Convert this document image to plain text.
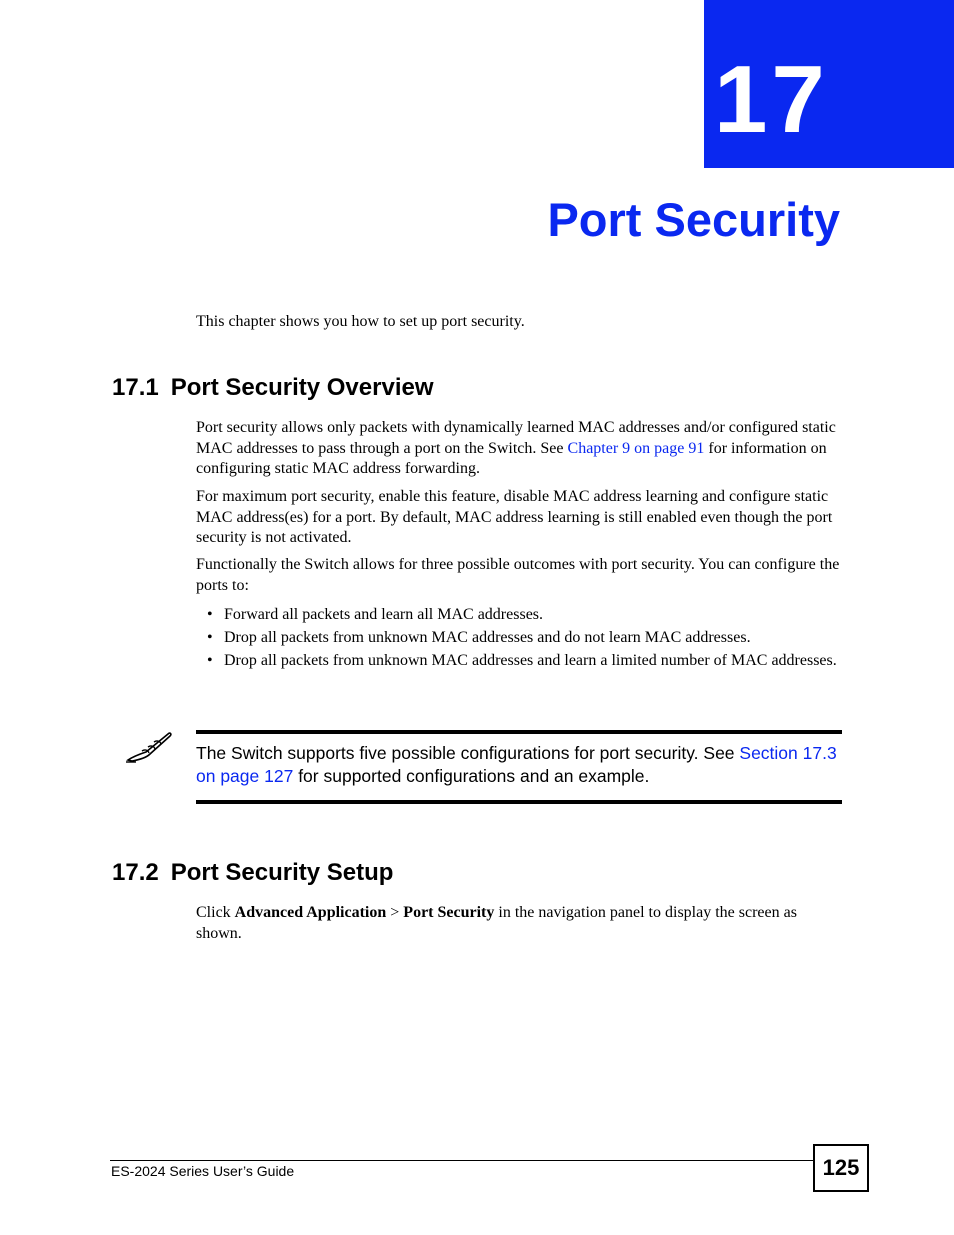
17
Port Security
This chapter shows you how to set up port security.
17.1 Port Security Overview
Port security allows only packets with dynamically learned MAC addresses and/or configured static MAC addresses to pass through a port on the Switch. See Chapter 9 on page 91 for information on configuring static MAC address forwarding.
For maximum port security, enable this feature, disable MAC address learning and configure static MAC address(es) for a port. By default, MAC address learning is still enabled even though the port security is not activated.
Functionally the Switch allows for three possible outcomes with port security. You can configure the ports to:
• Forward all packets and learn all MAC addresses.
• Drop all packets from unknown MAC addresses and do not learn MAC addresses.
• Drop all packets from unknown MAC addresses and learn a limited number of MAC addresses.
The Switch supports five possible configurations for port security. See Section 17.3 on page 127 for supported configurations and an example.
17.2 Port Security Setup
Click Advanced Application > Port Security in the navigation panel to display the screen as shown.
ES-2024 Series User’s Guide	125
